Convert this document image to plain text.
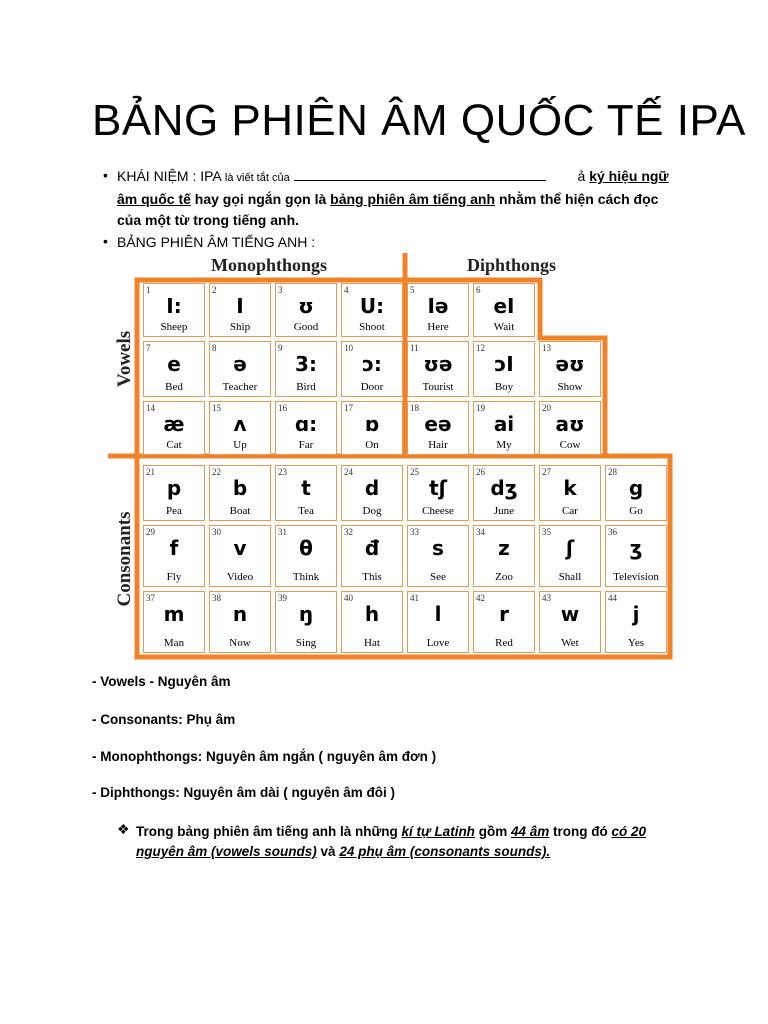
BẢNG PHIÊN ÂM QUỐC TẾ IPA
• KHÁI NIỆM : IPA là viết tắt của	ả ký hiệu ngữ âm quốc tế hay gọi ngắn gọn là bảng phiên âm tiếng anh nhằm thể hiện cách đọc của một từ trong tiếng anh.
• BẢNG PHIÊN ÂM TIẾNG ANH :
Monophthongs	Diphthongs
Vowels
Consonants
1
I:
Sheep
2
I
Ship
3
ʊ
Good
4
U:
Shoot
5
Iə
Here
6
eI
Wait
7
e
Bed
8
ə
Teacher
9
3:
Bird
10
ɔ:
Door
11
ʊə
Tourist
12
ɔI
Boy
13
əʊ
Show
14
æ
Cat
15
ʌ
Up
16
ɑ:
Far
17
ɒ
On
18
eə
Hair
19
ai
My
20
aʊ
Cow
21
p
Pea
22
b
Boat
23
t
Tea
24
d
Dog
25
tʃ
Cheese
26
dʒ
June
27
k
Car
28
g
Go
29
f
Fly
30
v
Video
31
θ
Think
32
đ
This
33
s
See
34
z
Zoo
35
ʃ
Shall
36
ʒ
Television
37
m
Man
38
n
Now
39
ŋ
Sing
40
h
Hat
41
l
Love
42
r
Red
43
w
Wet
44
j
Yes

- Vowels - Nguyên âm

- Consonants: Phụ âm

- Monophthongs: Nguyên âm ngắn ( nguyên âm đơn )

- Diphthongs: Nguyên âm dài ( nguyên âm đôi )

❖ Trong bảng phiên âm tiếng anh là những kí tự Latinh gồm 44 âm trong đó có 20 nguyên âm (vowels sounds) và 24 phụ âm (consonants sounds).
